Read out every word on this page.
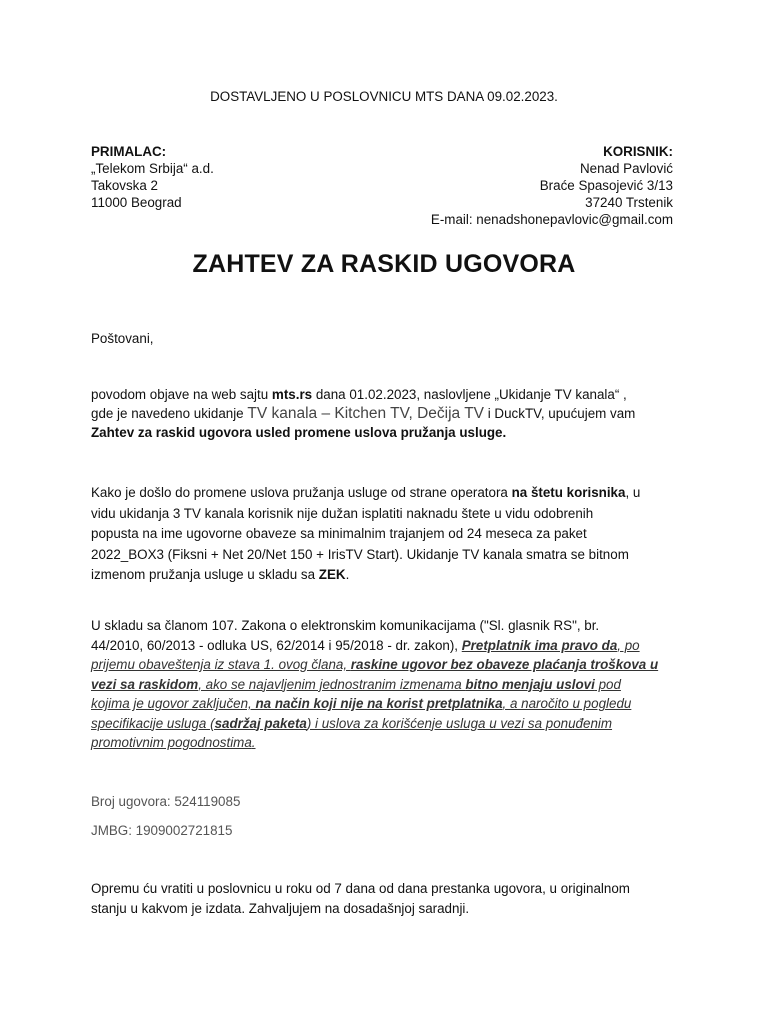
DOSTAVLJENO U POSLOVNICU MTS DANA 09.02.2023.
PRIMALAC:
„Telekom Srbija“ a.d.
Takovska 2
11000 Beograd
KORISNIK:
Nenad Pavlović
Braće Spasojević 3/13
37240 Trstenik
E-mail: nenadshonepavlovic@gmail.com
ZAHTEV ZA RASKID UGOVORA
Poštovani,
povodom objave na web sajtu mts.rs dana 01.02.2023, naslovljene „Ukidanje TV kanala“ ,
gde je navedeno ukidanje TV kanala – Kitchen TV, Dečija TV i DuckTV, upućujem vam
Zahtev za raskid ugovora usled promene uslova pružanja usluge.
Kako je došlo do promene uslova pružanja usluge od strane operatora na štetu korisnika, u
vidu ukidanja 3 TV kanala korisnik nije dužan isplatiti naknadu štete u vidu odobrenih
popusta na ime ugovorne obaveze sa minimalnim trajanjem od 24 meseca za paket
2022_BOX3 (Fiksni + Net 20/Net 150 + IrisTV Start). Ukidanje TV kanala smatra se bitnom
izmenom pružanja usluge u skladu sa ZEK.
U skladu sa članom 107. Zakona o elektronskim komunikacijama ("Sl. glasnik RS", br.
44/2010, 60/2013 - odluka US, 62/2014 i 95/2018 - dr. zakon), Pretplatnik ima pravo da, po
prijemu obaveštenja iz stava 1. ovog člana, raskine ugovor bez obaveze plaćanja troškova u
vezi sa raskidom, ako se najavljenim jednostranim izmenama bitno menjaju uslovi pod
kojima je ugovor zaključen, na način koji nije na korist pretplatnika, a naročito u pogledu
specifikacije usluga (sadržaj paketa) i uslova za korišćenje usluga u vezi sa ponuđenim
promotivnim pogodnostima.
Broj ugovora: 524119085
JMBG: 1909002721815
Opremu ću vratiti u poslovnicu u roku od 7 dana od dana prestanka ugovora, u originalnom
stanju u kakvom je izdata. Zahvaljujem na dosadašnjoj saradnji.
